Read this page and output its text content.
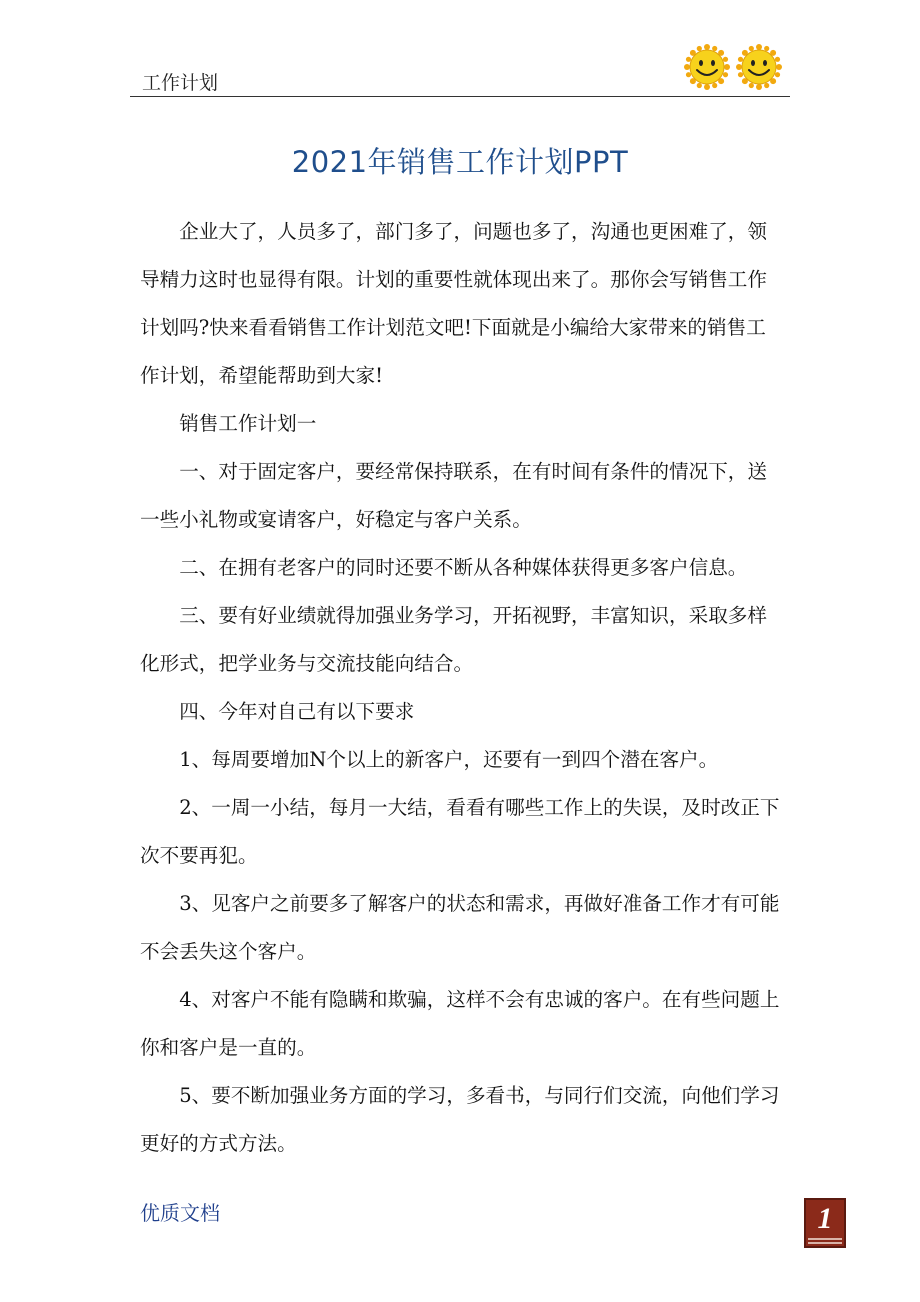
工作计划
2021年销售工作计划PPT

企业大了，人员多了，部门多了，问题也多了，沟通也更困难了，领导精力这时也显得有限。计划的重要性就体现出来了。那你会写销售工作计划吗?快来看看销售工作计划范文吧!下面就是小编给大家带来的销售工作计划，希望能帮助到大家!

销售工作计划一

一、对于固定客户，要经常保持联系，在有时间有条件的情况下，送一些小礼物或宴请客户，好稳定与客户关系。

二、在拥有老客户的同时还要不断从各种媒体获得更多客户信息。

三、要有好业绩就得加强业务学习，开拓视野，丰富知识，采取多样化形式，把学业务与交流技能向结合。

四、今年对自己有以下要求

1、每周要增加N个以上的新客户，还要有一到四个潜在客户。

2、一周一小结，每月一大结，看看有哪些工作上的失误，及时改正下次不要再犯。

3、见客户之前要多了解客户的状态和需求，再做好准备工作才有可能不会丢失这个客户。

4、对客户不能有隐瞒和欺骗，这样不会有忠诚的客户。在有些问题上你和客户是一直的。

5、要不断加强业务方面的学习，多看书，与同行们交流，向他们学习更好的方式方法。

优质文档	1
